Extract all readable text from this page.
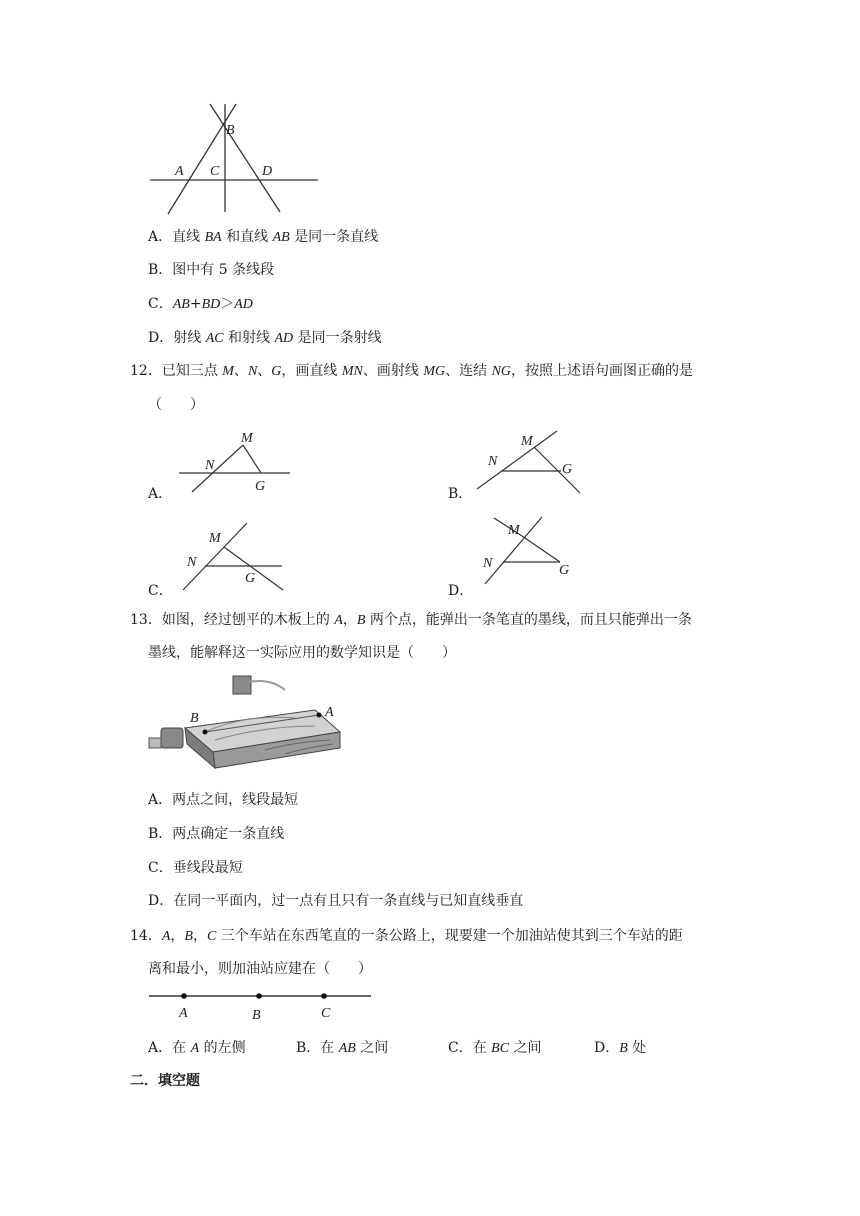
B
A C	D
A．直线 BA 和直线 AB 是同一条直线
B．图中有 5 条线段
C．AB+BD＞AD
D．射线 AC 和射线 AD 是同一条射线
12．已知三点 M、N、G，画直线 MN、画射线 MG、连结 NG，按照上述语句画图正确的是
（　　）
A．
M
N
G	B．
M
N
G
C．
M
N
G
D．
M
N	G
13．如图，经过刨平的木板上的 A，B 两个点，能弹出一条笔直的墨线，而且只能弹出一条
墨线，能解释这一实际应用的数学知识是（　　）
B	A
A．两点之间，线段最短
B．两点确定一条直线
C．垂线段最短
D．在同一平面内，过一点有且只有一条直线与已知直线垂直
14．A，B，C 三个车站在东西笔直的一条公路上，现要建一个加油站使其到三个车站的距
离和最小，则加油站应建在（　　）
A	B	C
A．在 A 的左侧	B．在 AB 之间	C．在 BC 之间	D．B 处
二．填空题
